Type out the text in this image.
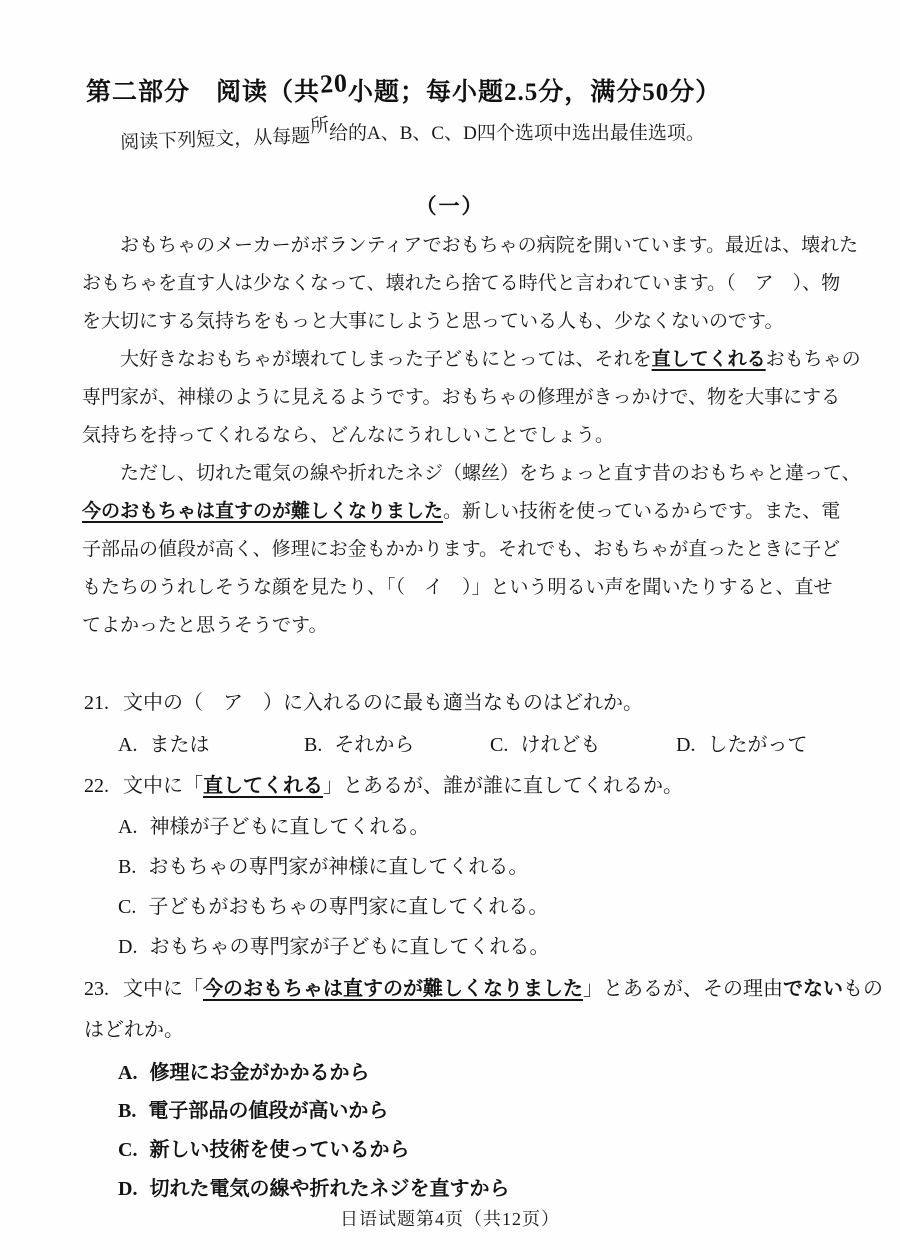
第二部分　阅读（共20小题；每小题2.5分，满分50分）
阅读下列短文，从每题所给的A、B、C、D四个选项中选出最佳选项。
（一）
おもちゃのメーカーがボランティアでおもちゃの病院を開いています。最近は、壊れた
おもちゃを直す人は少なくなって、壊れたら捨てる時代と言われています。（　ア　）、物
を大切にする気持ちをもっと大事にしようと思っている人も、少なくないのです。
大好きなおもちゃが壊れてしまった子どもにとっては、それを直してくれるおもちゃの
専門家が、神様のように見えるようです。おもちゃの修理がきっかけで、物を大事にする
気持ちを持ってくれるなら、どんなにうれしいことでしょう。
ただし、切れた電気の線や折れたネジ（螺丝）をちょっと直す昔のおもちゃと違って、
今のおもちゃは直すのが難しくなりました。新しい技術を使っているからです。また、電
子部品の値段が高く、修理にお金もかかります。それでも、おもちゃが直ったときに子ど
もたちのうれしそうな顔を見たり、「（　イ　）」という明るい声を聞いたりすると、直せ
てよかったと思うそうです。
21. 文中の（　ア　）に入れるのに最も適当なものはどれか。
A. または	B. それから	C. けれども	D. したがって
22. 文中に「直してくれる」とあるが、誰が誰に直してくれるか。
A. 神様が子どもに直してくれる。
B. おもちゃの専門家が神様に直してくれる。
C. 子どもがおもちゃの専門家に直してくれる。
D. おもちゃの専門家が子どもに直してくれる。
23. 文中に「今のおもちゃは直すのが難しくなりました」とあるが、その理由でないもの
はどれか。
A. 修理にお金がかかるから
B. 電子部品の値段が高いから
C. 新しい技術を使っているから
D. 切れた電気の線や折れたネジを直すから
日语试题第4页（共12页）
